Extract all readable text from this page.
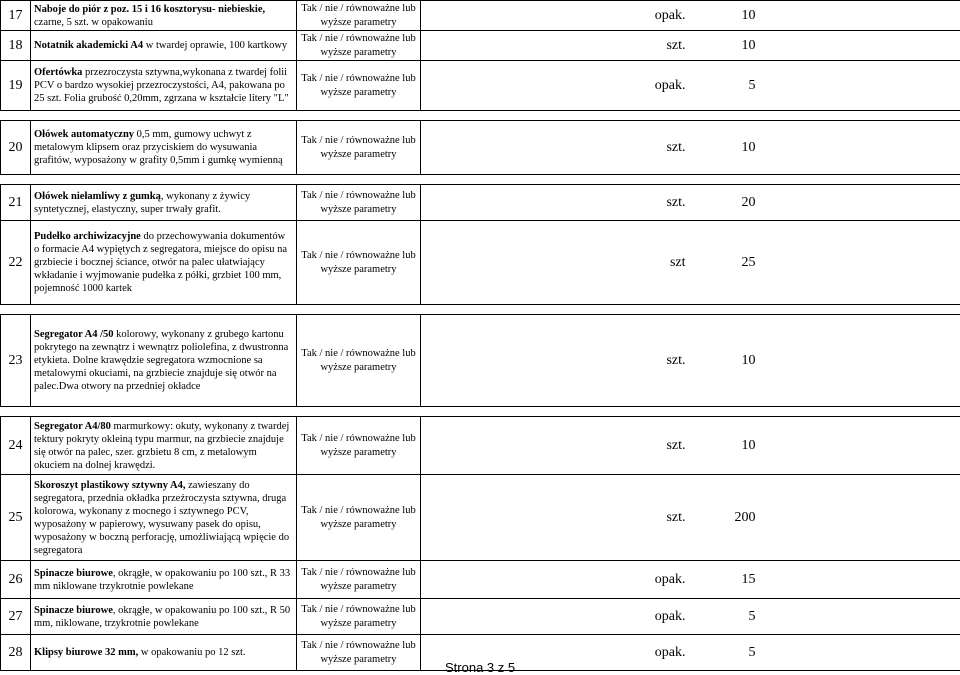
17	Naboje do piór z poz. 15 i 16 kosztorysu- niebieskie,
czarne, 5 szt. w opakowaniu	Tak / nie / równoważne lub
wyższe parametry	opak. 10
18	Notatnik akademicki A4 w twardej oprawie, 100 kartkowy	Tak / nie / równoważne lub
wyższe parametry	szt. 10
19	Ofertówka przezroczysta sztywna,wykonana z twardej folii PCV o bardzo wysokiej przezroczystości, A4, pakowana po 25 szt. Folia grubość 0,20mm, zgrzana w kształcie litery "L"	Tak / nie / równoważne lub
wyższe parametry	opak. 5

20	Ołówek automatyczny 0,5 mm, gumowy uchwyt z metalowym klipsem oraz przyciskiem do wysuwania grafitów, wyposażony w grafity 0,5mm i gumkę wymienną	Tak / nie / równoważne lub
wyższe parametry	szt. 10

21	Ołówek niełamliwy z gumką, wykonany z żywicy syntetycznej, elastyczny, super trwały grafit.	Tak / nie / równoważne lub
wyższe parametry	szt. 20
22	Pudełko archiwizacyjne do przechowywania dokumentów o formacie A4 wypiętych z segregatora, miejsce do opisu na grzbiecie i bocznej ściance, otwór na palec ułatwiający wkładanie i wyjmowanie pudełka z półki, grzbiet 100 mm, pojemność 1000 kartek	Tak / nie / równoważne lub
wyższe parametry	szt 25

23	Segregator A4 /50 kolorowy, wykonany z grubego kartonu pokrytego na zewnątrz i wewnątrz poliolefina, z dwustronna etykieta. Dolne krawędzie segregatora wzmocnione sa metalowymi okuciami, na grzbiecie znajduje się otwór na palec.Dwa otwory na przedniej okładce	Tak / nie / równoważne lub
wyższe parametry	szt. 10

24	Segregator A4/80 marmurkowy: okuty, wykonany z twardej tektury pokryty okleiną typu marmur, na grzbiecie znajduje się otwór na palec, szer. grzbietu 8 cm, z metalowym okuciem na dolnej krawędzi.	Tak / nie / równoważne lub
wyższe parametry	szt. 10
25	Skoroszyt plastikowy sztywny A4, zawieszany do segregatora, przednia okładka przeźroczysta sztywna, druga kolorowa, wykonany z mocnego i sztywnego PCV, wyposażony w papierowy, wysuwany pasek do opisu, wyposażony w boczną perforację, umożliwiającą wpięcie do segregatora	Tak / nie / równoważne lub
wyższe parametry	szt. 200
26	Spinacze biurowe, okrągłe, w opakowaniu po 100 szt., R 33 mm niklowane trzykrotnie powlekane	Tak / nie / równoważne lub
wyższe parametry	opak. 15
27	Spinacze biurowe, okrągłe, w opakowaniu po 100 szt., R 50 mm, niklowane, trzykrotnie powlekane	Tak / nie / równoważne lub
wyższe parametry	opak. 5
28	Klipsy biurowe 32 mm, w opakowaniu po 12 szt.	Tak / nie / równoważne lub
wyższe parametry	opak. 5
Strona 3 z 5
